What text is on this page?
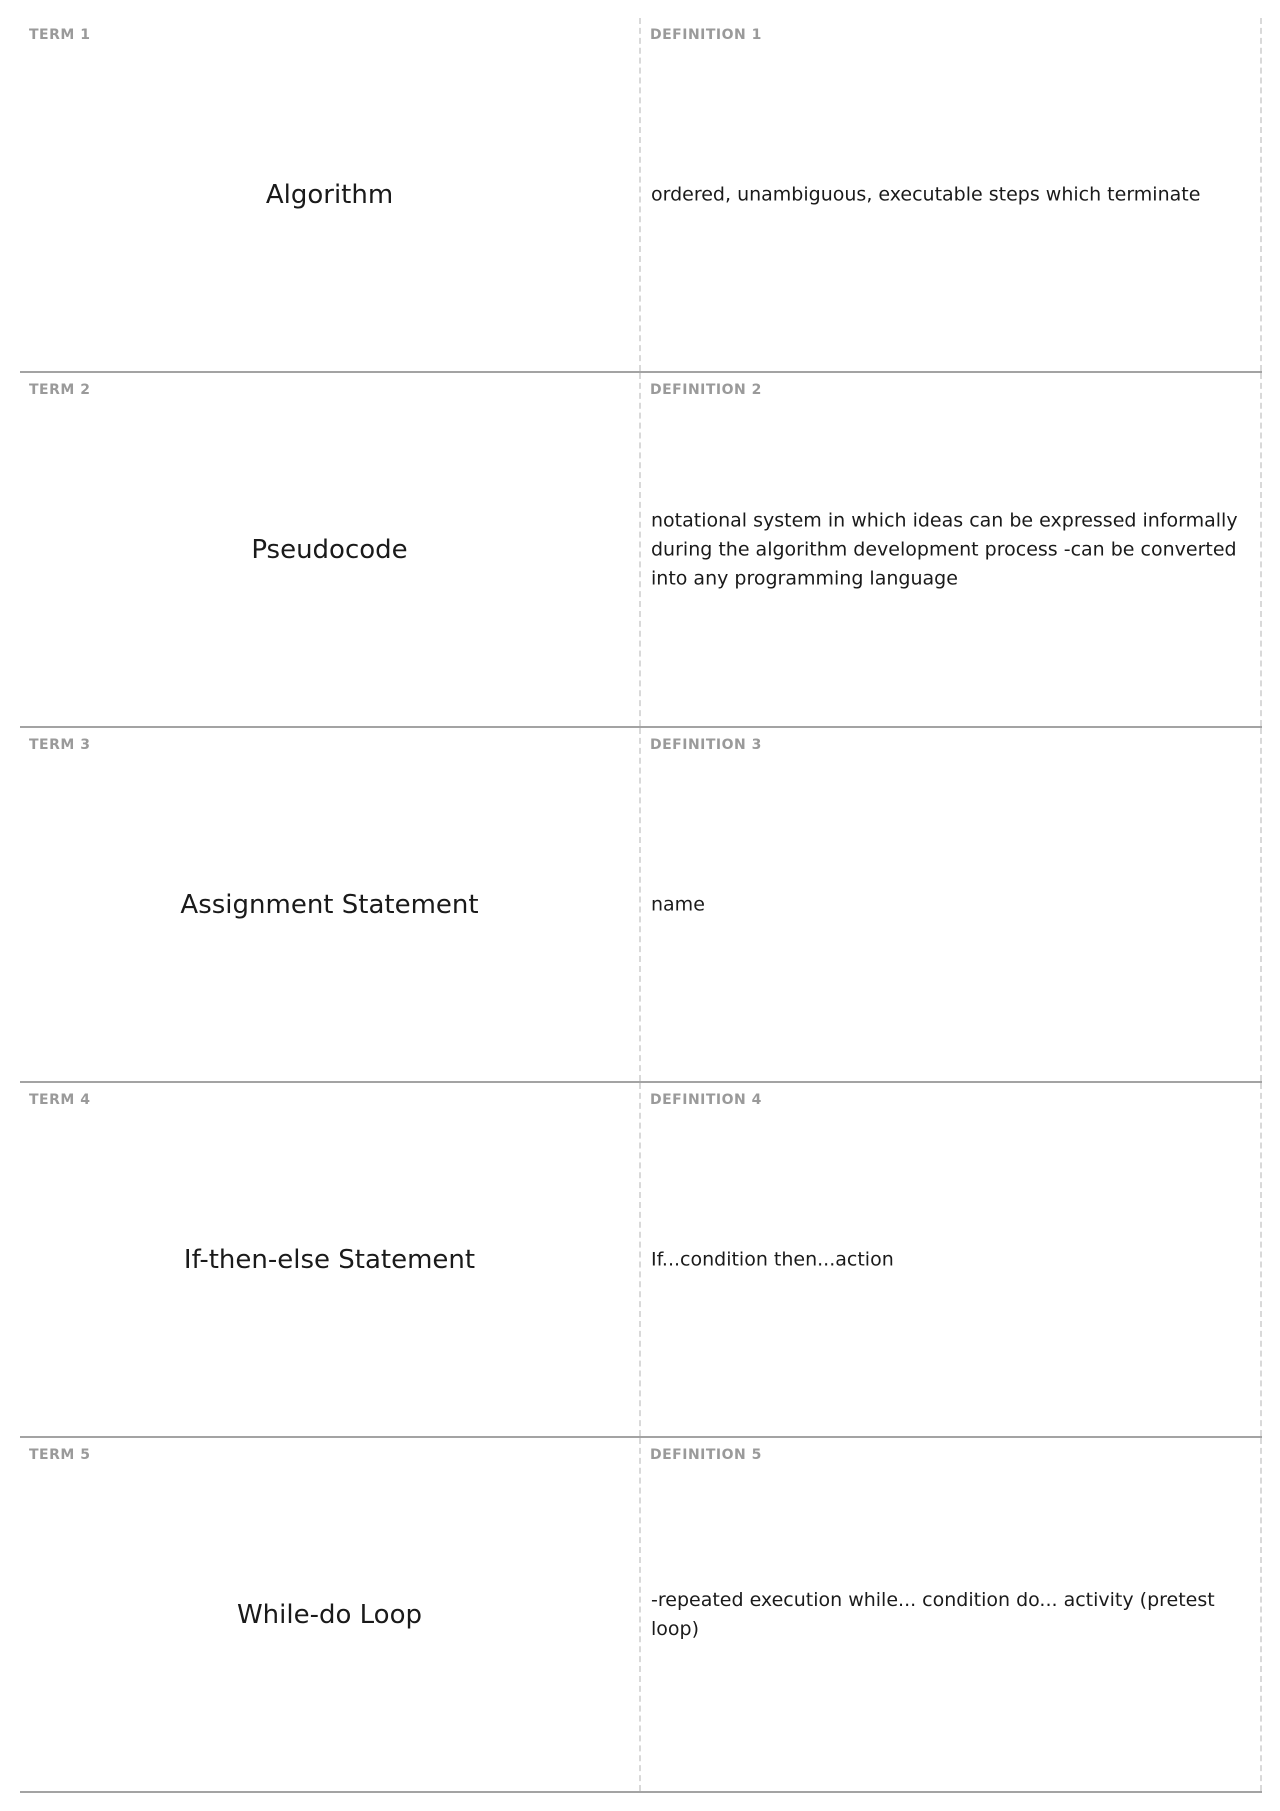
TERM 1
Algorithm
DEFINITION 1
ordered, unambiguous, executable steps which terminate
TERM 2
Pseudocode
DEFINITION 2
notational system in which ideas can be expressed informally during the algorithm development process -can be converted into any programming language
TERM 3
Assignment Statement
DEFINITION 3
name
TERM 4
If-then-else Statement
DEFINITION 4
If...condition then...action
TERM 5
While-do Loop
DEFINITION 5
-repeated execution while... condition do... activity (pretest loop)
